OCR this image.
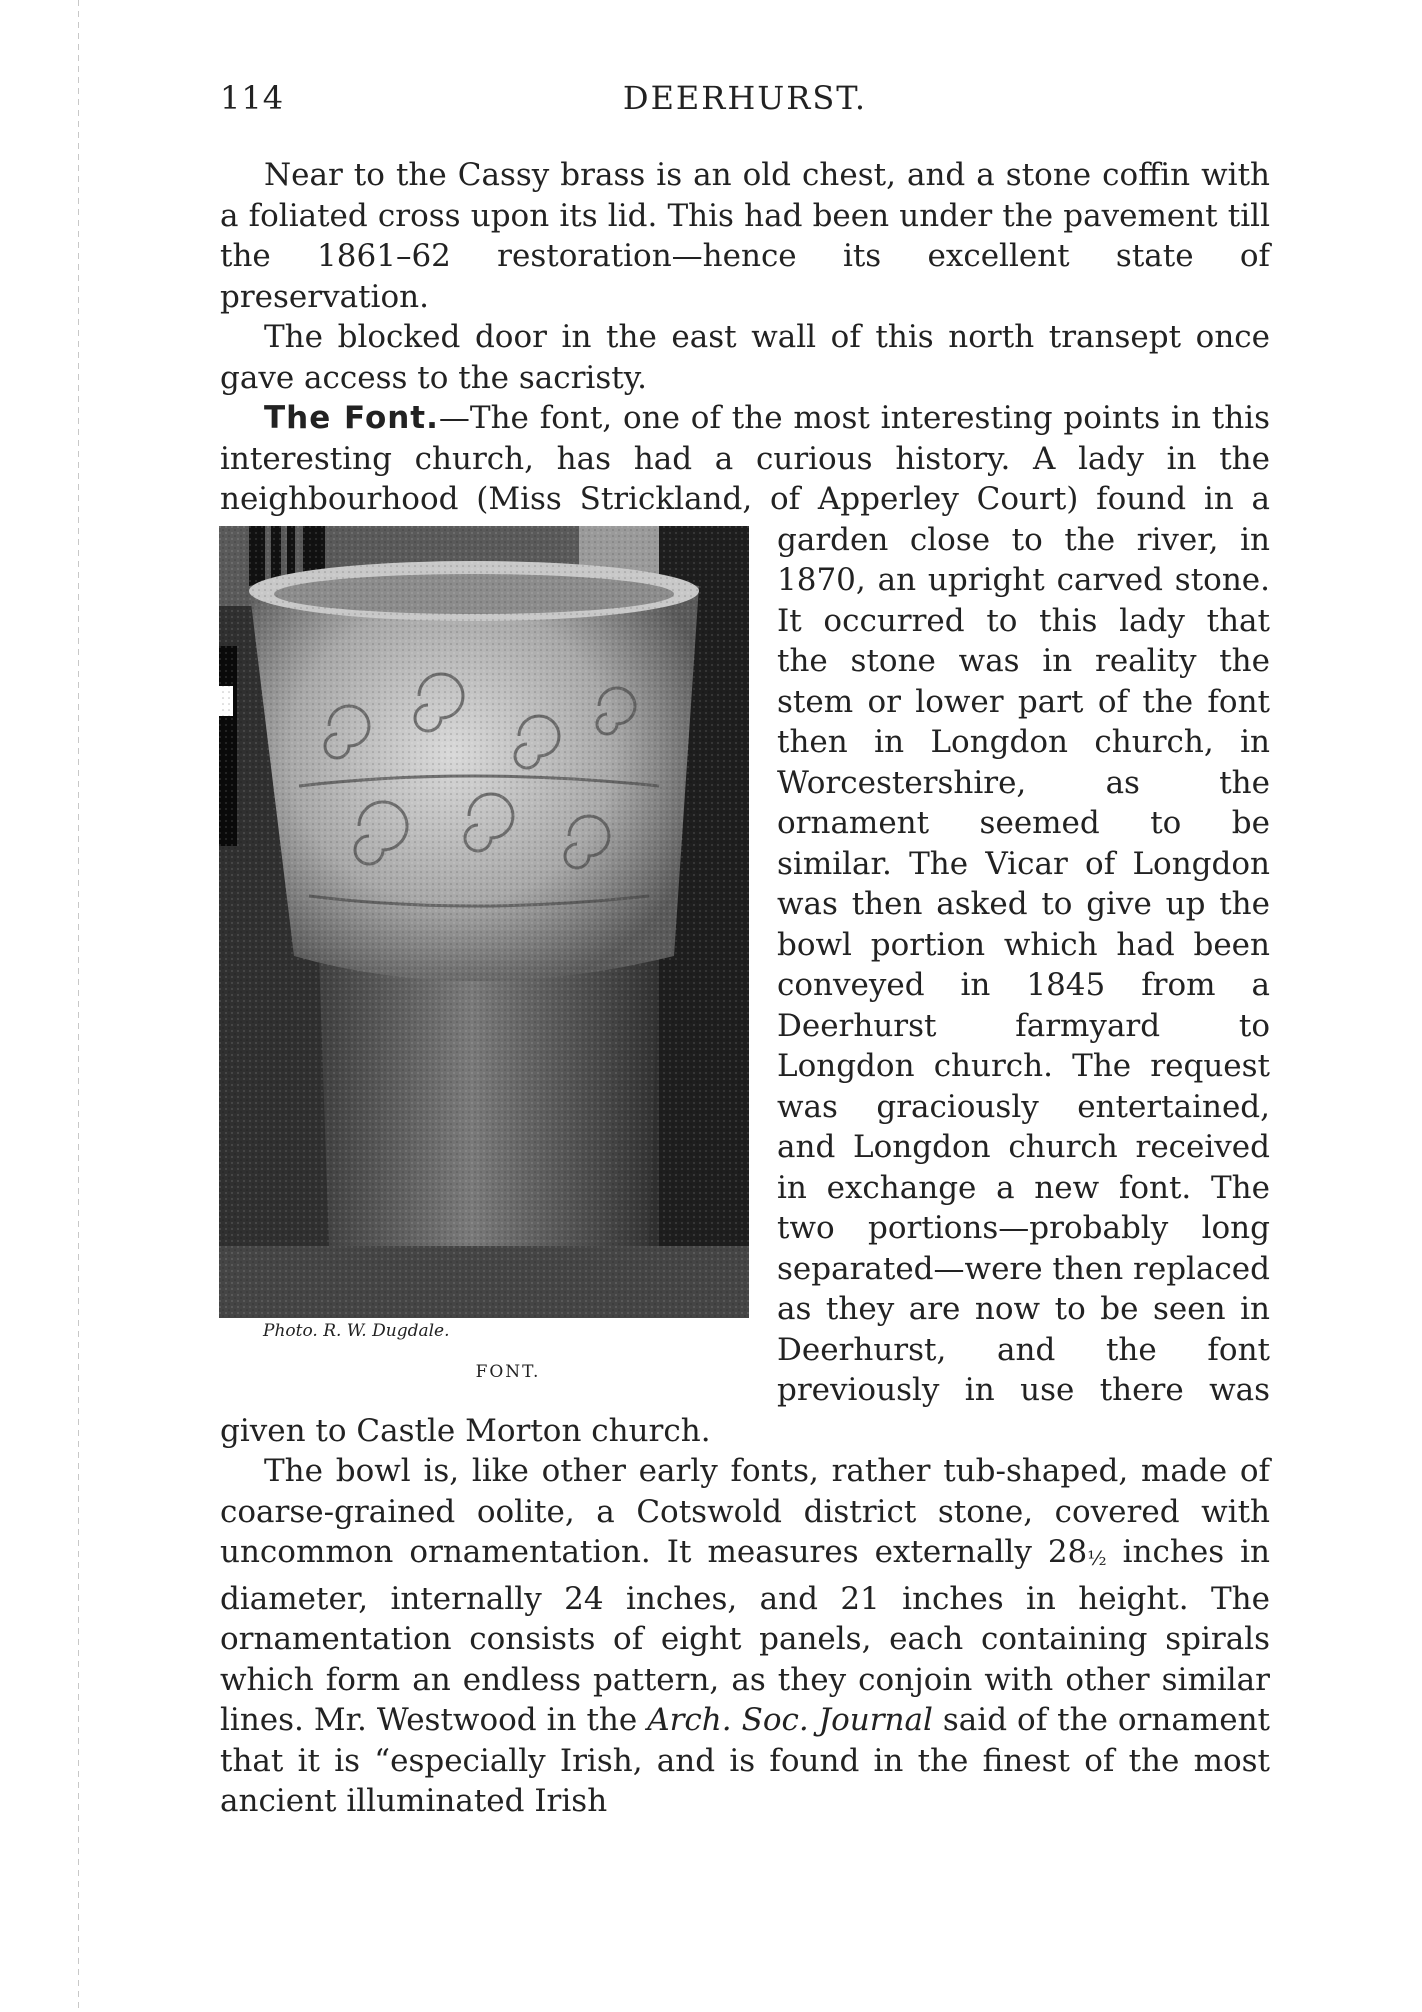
114	DEERHURST.

Near to the Cassy brass is an old chest, and a stone coffin with a foliated cross upon its lid. This had been under the pavement till the 1861–62 restoration—hence its excellent state of preservation.

The blocked door in the east wall of this north transept once gave access to the sacristy.

The Font.—The font, one of the most interesting points in this interesting church, has had a curious history. A lady in the neighbourhood (Miss Strickland, of Apperley Court) found
Photo. R. W. Dugdale.
FONT.
in a garden close to the river, in 1870, an upright carved stone. It occurred to this lady that the stone was in reality the stem or lower part of the font then in Longdon church, in Worcestershire, as the ornament seemed to be similar. The Vicar of Longdon was then asked to give up the bowl portion which had been conveyed in 1845 from a Deerhurst farmyard to Longdon church. The request was graciously entertained, and Longdon church received in exchange a new font. The two portions—probably long separated—were then replaced as they are now to be seen in Deerhurst, and the font previously in use there was given to Castle Morton church.

The bowl is, like other early fonts, rather tub-shaped, made of coarse-grained oolite, a Cotswold district stone, covered with uncommon ornamentation. It measures externally 28½ inches in diameter, internally 24 inches, and 21 inches in height. The ornamentation consists of eight panels, each containing spirals which form an endless pattern, as they conjoin with other similar lines. Mr. Westwood in the Arch. Soc. Journal said of the ornament that it is “especially Irish, and is found in the finest of the most ancient illuminated Irish
